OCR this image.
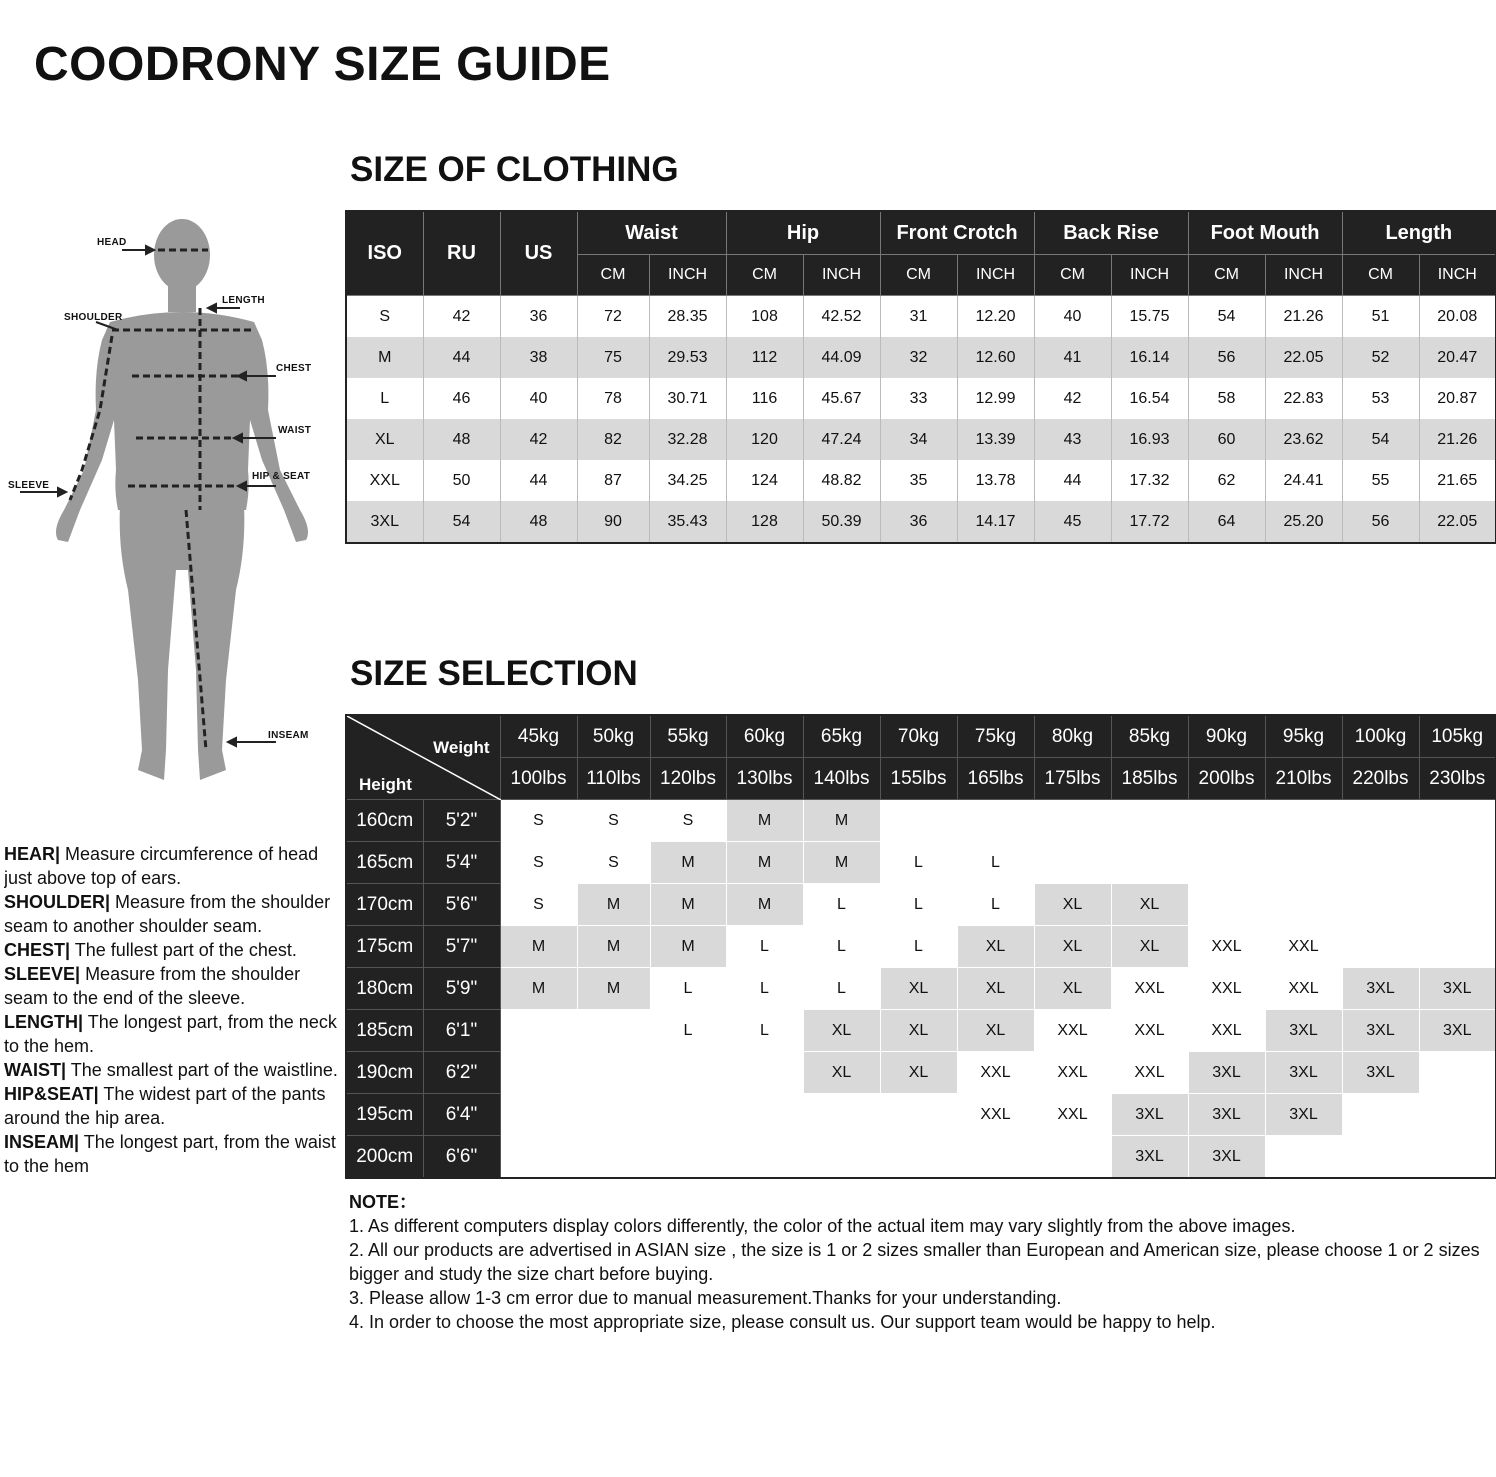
COODRONY SIZE GUIDE
HEAD
LENGTH
SHOULDER
CHEST
WAIST
HIP & SEAT
SLEEVE
INSEAM
SIZE OF CLOTHING
ISO	RU	US	Waist		Hip		Front Crotch		Back Rise		Foot Mouth		Length	
			CM	INCH	CM	INCH	CM	INCH	CM	INCH	CM	INCH	CM	INCH
S	42	36	72	28.35	108	42.52	31	12.20	40	15.75	54	21.26	51	20.08
M	44	38	75	29.53	112	44.09	32	12.60	41	16.14	56	22.05	52	20.47
L	46	40	78	30.71	116	45.67	33	12.99	42	16.54	58	22.83	53	20.87
XL	48	42	82	32.28	120	47.24	34	13.39	43	16.93	60	23.62	54	21.26
XXL	50	44	87	34.25	124	48.82	35	13.78	44	17.32	62	24.41	55	21.65
3XL	54	48	90	35.43	128	50.39	36	14.17	45	17.72	64	25.20	56	22.05
SIZE SELECTION
Weight
Height		45kg	50kg	55kg	60kg	65kg	70kg	75kg	80kg	85kg	90kg	95kg	100kg	105kg
		100lbs	110lbs	120lbs	130lbs	140lbs	155lbs	165lbs	175lbs	185lbs	200lbs	210lbs	220lbs	230lbs
160cm	5'2"	S	S	S	M	M								
165cm	5'4"	S	S	M	M	M	L	L						
170cm	5'6"	S	M	M	M	L	L	L	XL	XL				
175cm	5'7"	M	M	M	L	L	L	XL	XL	XL	XXL	XXL		
180cm	5'9"	M	M	L	L	L	XL	XL	XL	XXL	XXL	XXL	3XL	3XL
185cm	6'1"			L	L	XL	XL	XL	XXL	XXL	XXL	3XL	3XL	3XL
190cm	6'2"					XL	XL	XXL	XXL	XXL	3XL	3XL	3XL	
195cm	6'4"							XXL	XXL	3XL	3XL	3XL		
200cm	6'6"									3XL	3XL			

HEAR| Measure circumference of head just above top of ears.

SHOULDER| Measure from the shoulder seam to another shoulder seam.

CHEST| The fullest part of the chest.

SLEEVE| Measure from the shoulder seam to the end of the sleeve.

LENGTH| The longest part, from the neck to the hem.

WAIST| The smallest part of the waistline.

HIP&SEAT| The widest part of the pants around the hip area.

INSEAM| The longest part, from the waist to the hem

NOTE：

1. As different computers display colors differently, the color of the actual item may vary slightly from the above images.

2. All our products are advertised in ASIAN size , the size is 1 or 2 sizes smaller than European and American size, please choose 1 or 2 sizes bigger and study the size chart before buying.

3. Please allow 1-3 cm error due to manual measurement.Thanks for your understanding.

4. In order to choose the most appropriate size, please consult us. Our support team would be happy to help.
